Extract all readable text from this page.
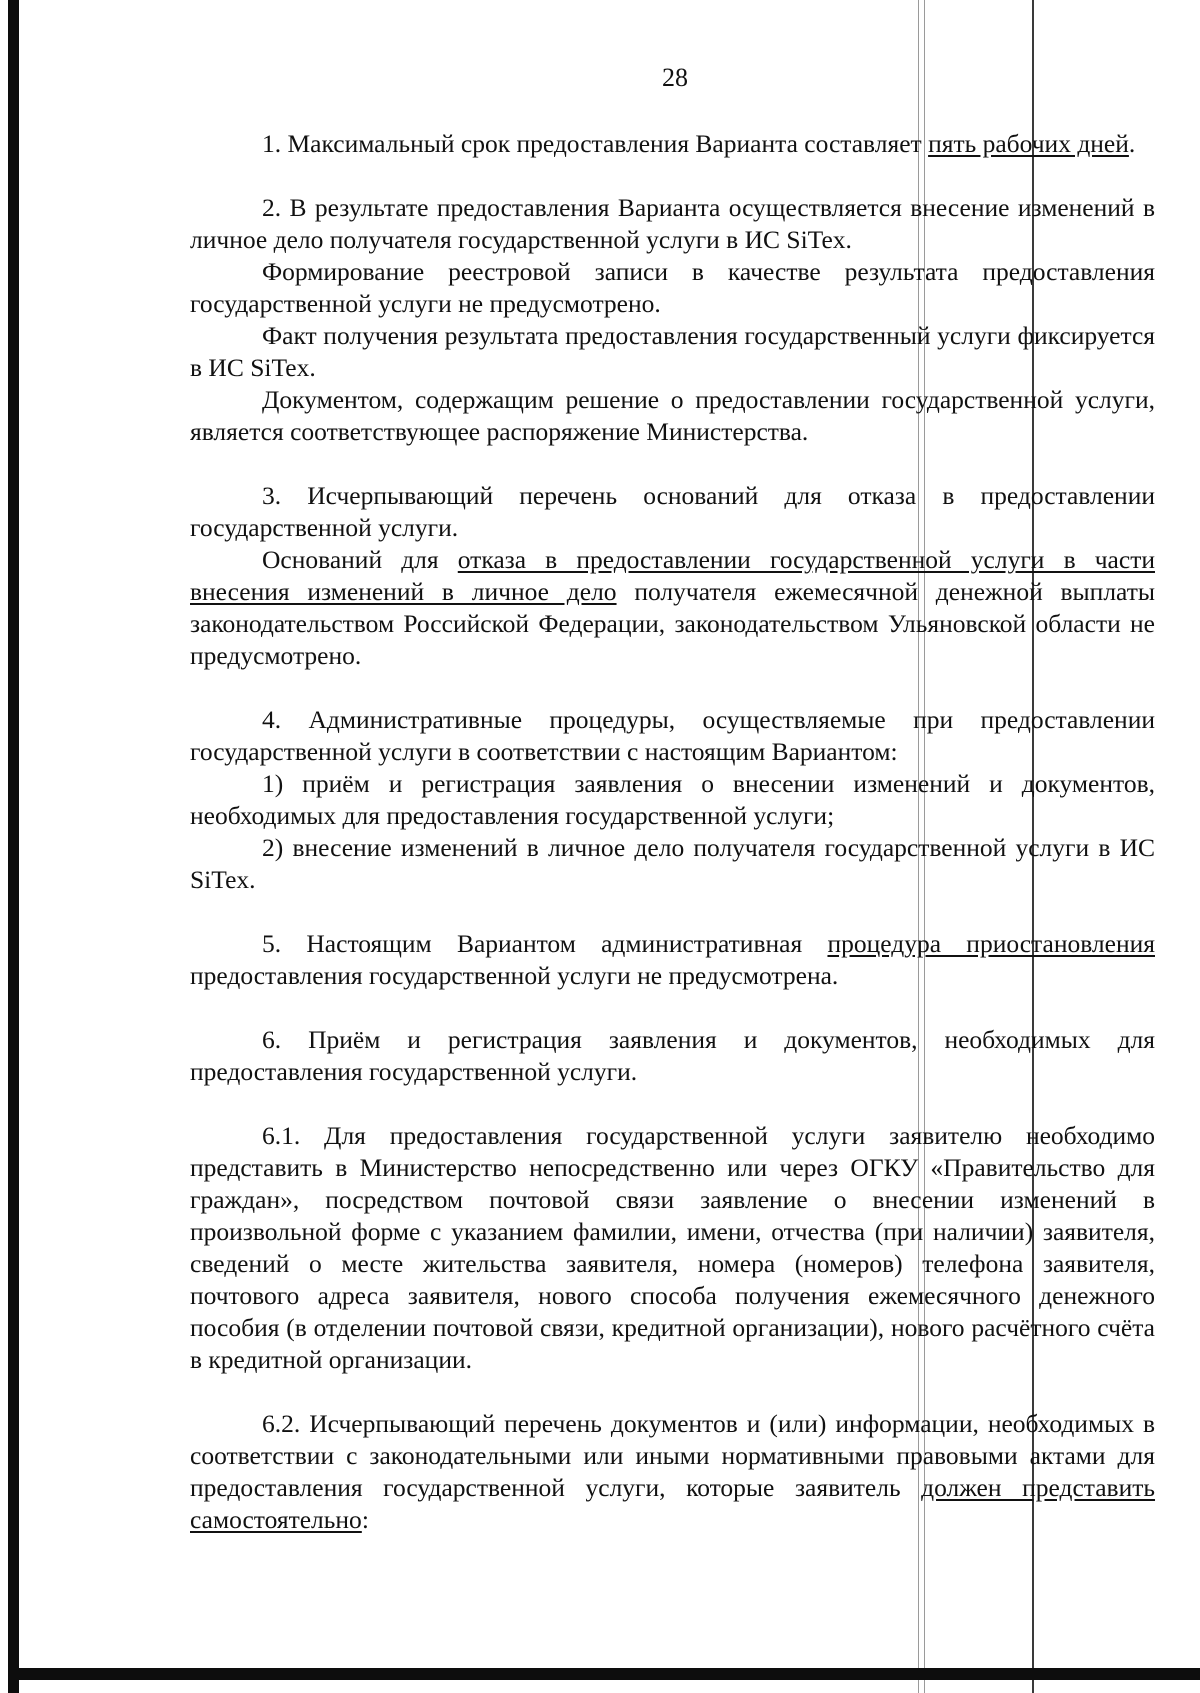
28

1. Максимальный срок предоставления Варианта составляет пять рабочих дней.

2. В результате предоставления Варианта осуществляется внесение изменений в личное дело получателя государственной услуги в ИС SiTex.

Формирование реестровой записи в качестве результата предоставления государственной услуги не предусмотрено.

Факт получения результата предоставления государственный услуги фиксируется в ИС SiTex.

Документом, содержащим решение о предоставлении государственной услуги, является соответствующее распоряжение Министерства.

3. Исчерпывающий перечень оснований для отказа в предоставлении государственной услуги.

Оснований для отказа в предоставлении государственной услуги в части внесения изменений в личное дело получателя ежемесячной денежной выплаты законодательством Российской Федерации, законодательством Ульяновской области не предусмотрено.

4. Административные процедуры, осуществляемые при предоставлении государственной услуги в соответствии с настоящим Вариантом:

1) приём и регистрация заявления о внесении изменений и документов, необходимых для предоставления государственной услуги;

2) внесение изменений в личное дело получателя государственной услуги в ИС SiTex.

5. Настоящим Вариантом административная процедура приостановления предоставления государственной услуги не предусмотрена.

6. Приём и регистрация заявления и документов, необходимых для предоставления государственной услуги.

6.1. Для предоставления государственной услуги заявителю необходимо представить в Министерство непосредственно или через ОГКУ «Правительство для граждан», посредством почтовой связи заявление о внесении изменений в произвольной форме с указанием фамилии, имени, отчества (при наличии) заявителя, сведений о месте жительства заявителя, номера (номеров) телефона заявителя, почтового адреса заявителя, нового способа получения ежемесячного денежного пособия (в отделении почтовой связи, кредитной организации), нового расчётного счёта в кредитной организации.

6.2. Исчерпывающий перечень документов и (или) информации, необходимых в соответствии с законодательными или иными нормативными правовыми актами для предоставления государственной услуги, которые заявитель должен представить самостоятельно:
